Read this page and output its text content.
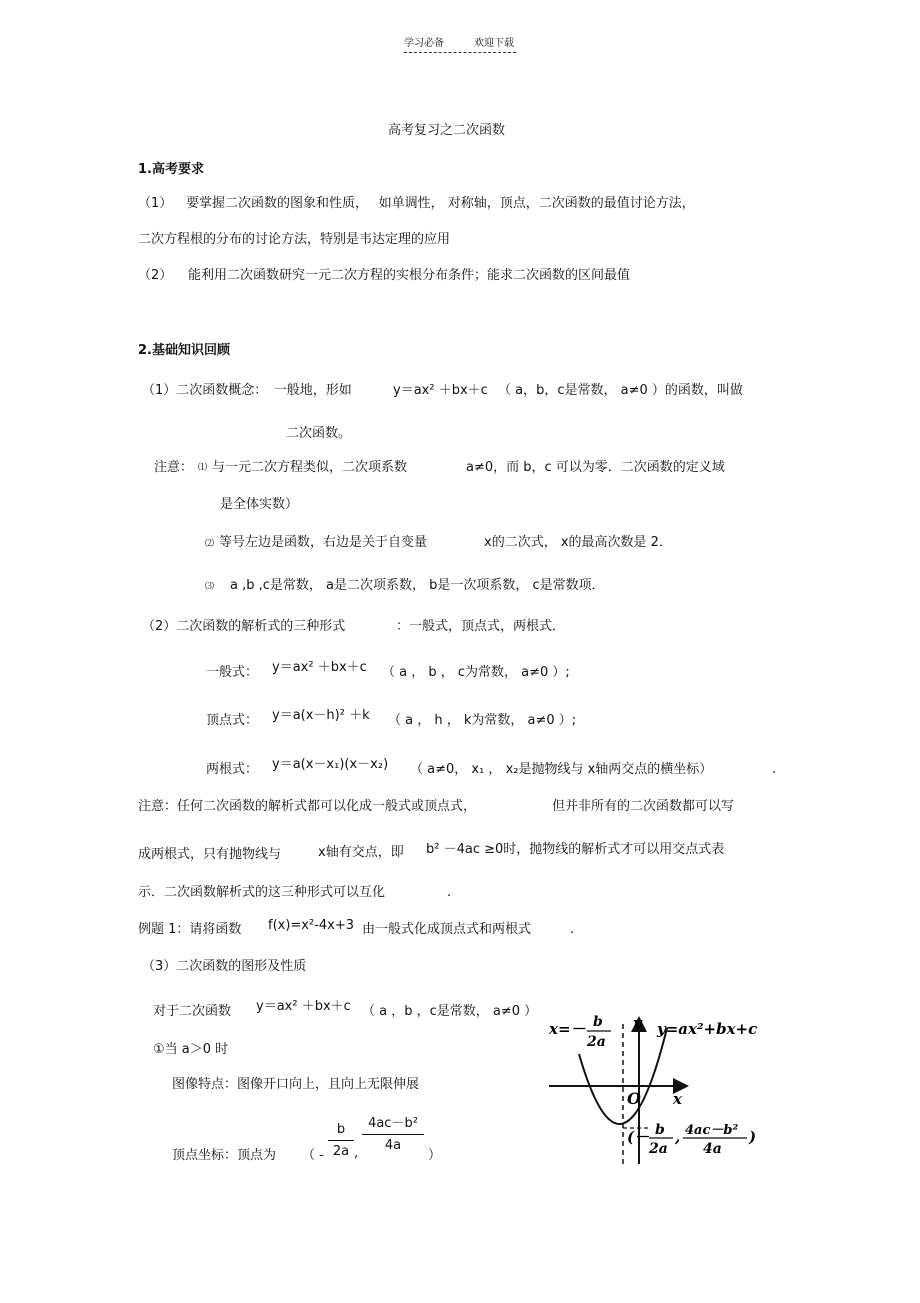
学习必备	欢迎下载
高考复习之二次函数
1.高考要求
（1） 要掌握二次函数的图象和性质，　 如单调性， 对称轴，顶点，二次函数的最值讨论方法，
二次方程根的分布的讨论方法，特别是韦达定理的应用
（2） 能利用二次函数研究一元二次方程的实根分布条件；能求二次函数的区间最值
2.基础知识回顾
（1）二次函数概念：　一般地，形如	y＝ax² ＋bx＋c （ a，b，c是常数， a≠0 ）的函数，叫做
二次函数。
注意： ⑴ 与一元二次方程类似，二次项系数	a≠0，而 b，c 可以为零．二次函数的定义域
是全体实数）
⑵ 等号左边是函数，右边是关于自变量	x的二次式， x的最高次数是 2．
⑶ a ,b ,c是常数， a是二次项系数， b是一次项系数， c是常数项．
（2）二次函数的解析式的三种形式	：一般式，顶点式，两根式．
一般式： y＝ax² ＋bx＋c （ a ， b ， c为常数， a≠0 ）;
顶点式： y＝a(x－h)² ＋k （ a ， h ， k为常数， a≠0 ）;
两根式： y＝a(x－x₁)(x－x₂) （ a≠0， x₁ ， x₂是抛物线与 x轴两交点的横坐标）	.
注意：任何二次函数的解析式都可以化成一般式或顶点式，	但并非所有的二次函数都可以写
成两根式，只有抛物线与	x轴有交点，即 b² －4ac ≥0时，抛物线的解析式才可以用交点式表
示．二次函数解析式的这三种形式可以互化	.
例题 1：请将函数 f(x)=x²-4x+3 由一般式化成顶点式和两根式	.
（3）二次函数的图形及性质
对于二次函数 y＝ax² ＋bx＋c （ a ，b ，c是常数， a≠0 ）
①当 a＞0 时
图像特点：图像开口向上，且向上无限伸展
顶点坐标：顶点为 （ - $\frac{b}{2a}$ ,
$\frac{\text{4ac－b²}}{4a}$
）
x=－ b
2a
y y=ax²+bx+c
O x
(－ b
2a
, 4ac－b²
4a
)
